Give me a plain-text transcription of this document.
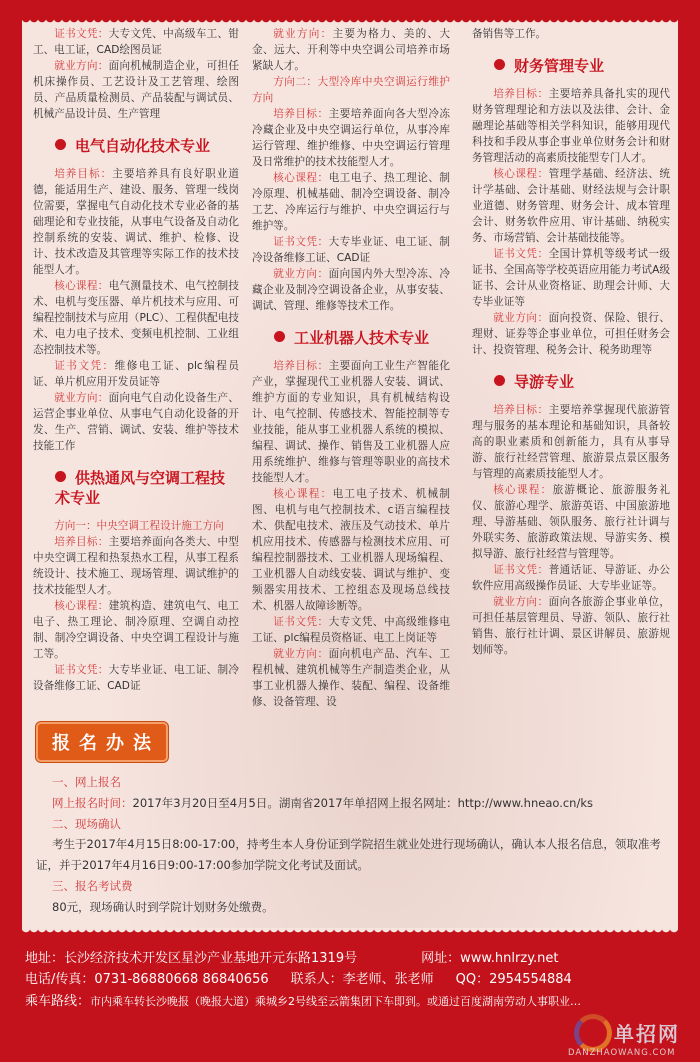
证书文凭：大专文凭、中高级车工、钳工、电工证，CAD绘图员证

就业方向：面向机械制造企业，可担任机床操作员、工艺设计及工艺管理、绘图员、产品质量检测员、产品装配与调试员、机械产品设计员、生产管理

电气自动化技术专业

培养目标：主要培养具有良好职业道德，能适用生产、建设、服务、管理一线岗位需要，掌握电气自动化技术专业必备的基础理论和专业技能，从事电气设备及自动化控制系统的安装、调试、维护、检修、设计、技术改造及其管理等实际工作的技术技能型人才。

核心课程：电气测量技术、电气控制技术、电机与变压器、单片机技术与应用、可编程控制技术与应用（PLC）、工程供配电技术、电力电子技术、变频电机控制、工业组态控制技术等。

证书文凭：维修电工证、plc编程员证、单片机应用开发员证等

就业方向：面向电气自动化设备生产、运营企事业单位、从事电气自动化设备的开发、生产、营销、调试、安装、维护等技术技能工作

供热通风与空调工程技术专业

方向一：中央空调工程设计施工方向

培养目标：主要培养面向各类大、中型中央空调工程和热泵热水工程，从事工程系统设计、技术施工、现场管理、调试维护的技术技能型人才。

核心课程：建筑构造、建筑电气、电工电子、热工理论、制冷原理、空调自动控制、制冷空调设备、中央空调工程设计与施工等。

证书文凭：大专毕业证、电工证、制冷设备维修工证、CAD证

就业方向：主要为格力、美的、大金、远大、开利等中央空调公司培养市场紧缺人才。

方向二：大型冷库中央空调运行维护方向

培养目标：主要培养面向各大型冷冻冷藏企业及中央空调运行单位，从事冷库运行管理、维护维修、中央空调运行管理及日常维护的技术技能型人才。

核心课程：电工电子、热工理论、制冷原理、机械基础、制冷空调设备、制冷工艺、冷库运行与维护、中央空调运行与维护等。

证书文凭：大专毕业证、电工证、制冷设备维修工证、CAD证

就业方向：面向国内外大型冷冻、冷藏企业及制冷空调设备企业，从事安装、调试、管理、维修等技术工作。

工业机器人技术专业

培养目标：主要面向工业生产智能化产业，掌握现代工业机器人安装、调试、维护方面的专业知识，具有机械结构设计、电气控制、传感技术、智能控制等专业技能，能从事工业机器人系统的模拟、编程、调试、操作、销售及工业机器人应用系统维护、维修与管理等职业的高技术技能型人才。

核心课程：电工电子技术、机械制图、电机与电气控制技术、c语言编程技术、供配电技术、液压及气动技术、单片机应用技术、传感器与检测技术应用、可编程控制器技术、工业机器人现场编程、工业机器人自动线安装、调试与维护、变频器实用技术、工控组态及现场总线技术、机器人故障诊断等。

证书文凭：大专文凭、中高级维修电工证、plc编程员资格证、电工上岗证等

就业方向：面向机电产品、汽车、工程机械、建筑机械等生产制造类企业，从事工业机器人操作、装配、编程、设备维修、设备管理、设

备销售等工作。

财务管理专业

培养目标：主要培养具备扎实的现代财务管理理论和方法以及法律、会计、金融理论基础等相关学科知识，能够用现代科技和手段从事企事业单位财务会计和财务管理活动的高素质技能型专门人才。

核心课程：管理学基础、经济法、统计学基础、会计基础、财经法规与会计职业道德、财务管理、财务会计、成本管理会计、财务软件应用、审计基础、纳税实务、市场营销、会计基础技能等。

证书文凭：全国计算机等级考试一级证书、全国高等学校英语应用能力考试A级证书、会计从业资格证、助理会计师、大专毕业证等

就业方向：面向投资、保险、银行、理财、证券等企事业单位，可担任财务会计、投资管理、税务会计、税务助理等

导游专业

培养目标：主要培养掌握现代旅游管理与服务的基本理论和基础知识，具备较高的职业素质和创新能力，具有从事导游、旅行社经营管理、旅游景点景区服务与管理的高素质技能型人才。

核心课程：旅游概论、旅游服务礼仪、旅游心理学、旅游英语、中国旅游地理、导游基础、领队服务、旅行社计调与外联实务、旅游政策法规、导游实务、模拟导游、旅行社经营与管理等。

证书文凭：普通话证、导游证、办公软件应用高级操作员证、大专毕业证等。

就业方向：面向各旅游企事业单位，可担任基层管理员、导游、领队、旅行社销售、旅行社计调、景区讲解员、旅游规划师等。

报名办法
一、网上报名
网上报名时间：2017年3月20日至4月5日。湖南省2017年单招网上报名网址：http://www.hneao.cn/ks
二、现场确认
考生于2017年4月15日8:00-17:00，持考生本人身份证到学院招生就业处进行现场确认，确认本人报名信息，领取准考证，并于2017年4月16日9:00-17:00参加学院文化考试及面试。
三、报名考试费
80元，现场确认时到学院计划财务处缴费。
地址：长沙经济技术开发区星沙产业基地开元东路1319号	网址：www.hnlrzy.net
电话/传真：0731-86880668 86840656 联系人：李老师、张老师 QQ：2954554884
乘车路线：市内乘车转长沙晚报（晚报大道）乘城乡2号线至云箭集团下车即到。或通过百度湖南劳动人事职业…
单招网
DANZHAOWANG.COM
